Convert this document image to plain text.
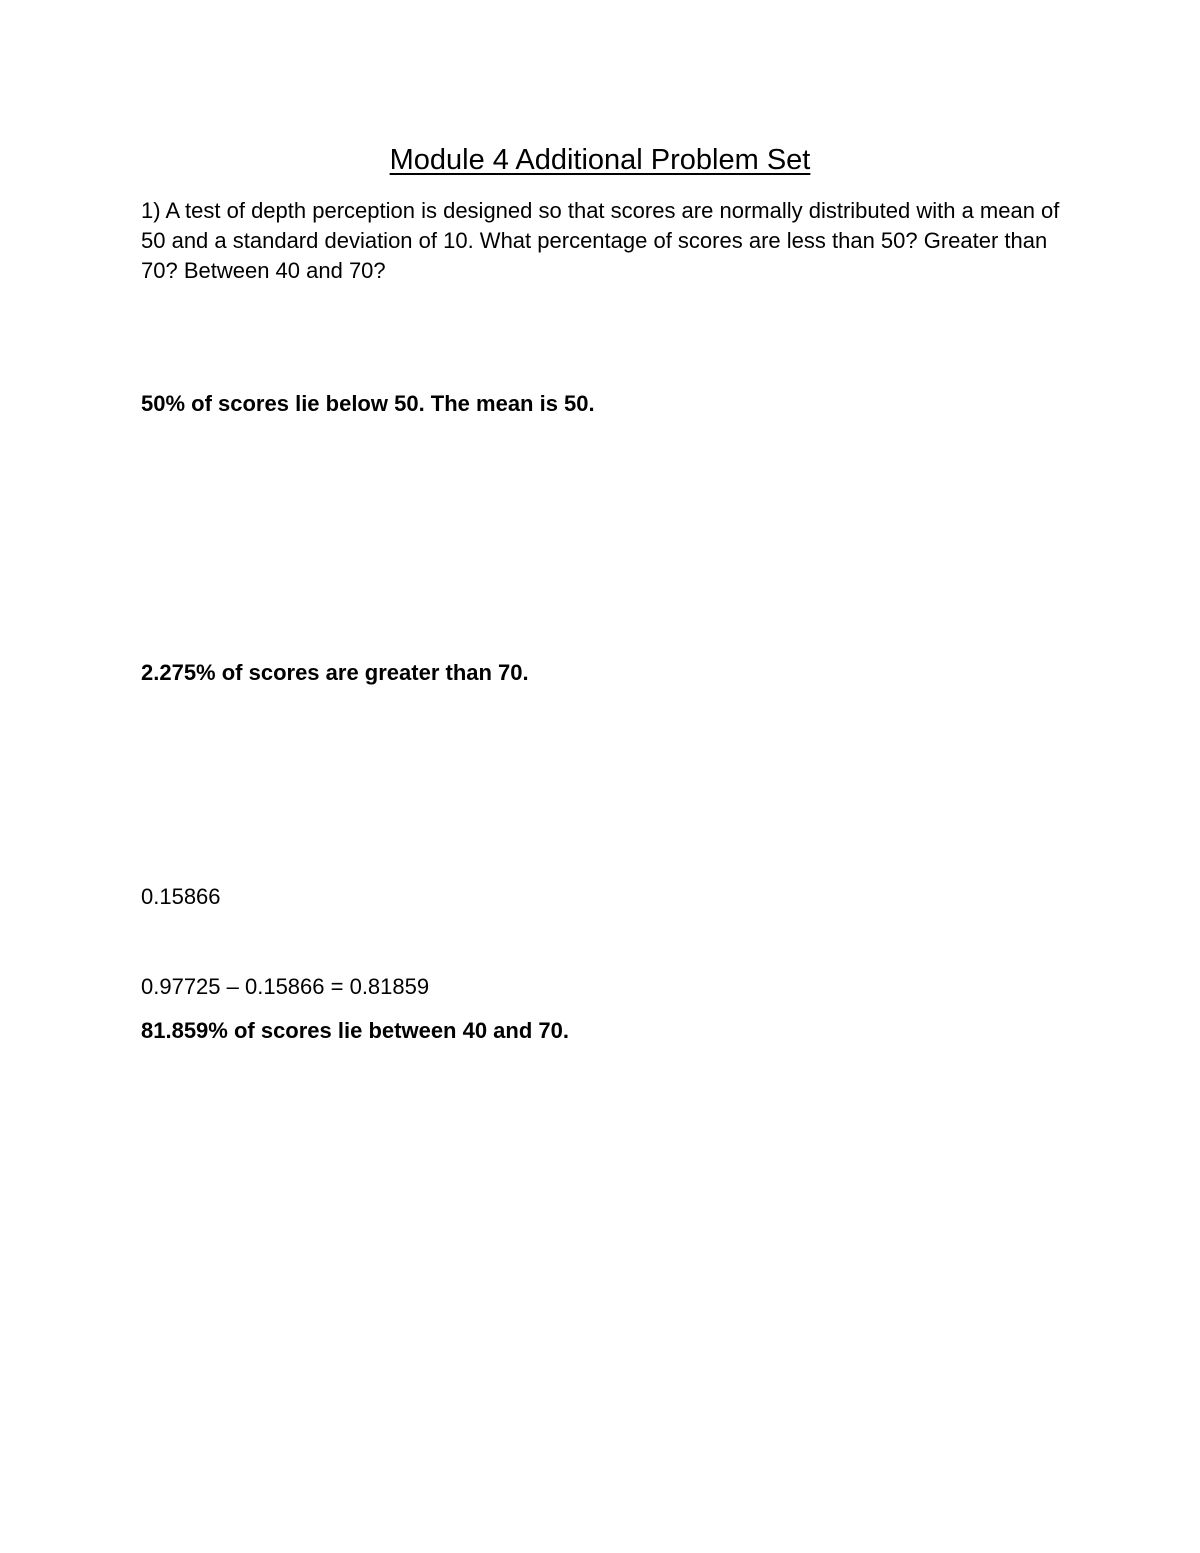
Module 4 Additional Problem Set
1) A test of depth perception is designed so that scores are normally distributed with a mean of 50 and a standard deviation of 10. What percentage of scores are less than 50? Greater than 70? Between 40 and 70?
50% of scores lie below 50. The mean is 50.
2.275% of scores are greater than 70.
0.15866
0.97725 – 0.15866 = 0.81859
81.859% of scores lie between 40 and 70.
